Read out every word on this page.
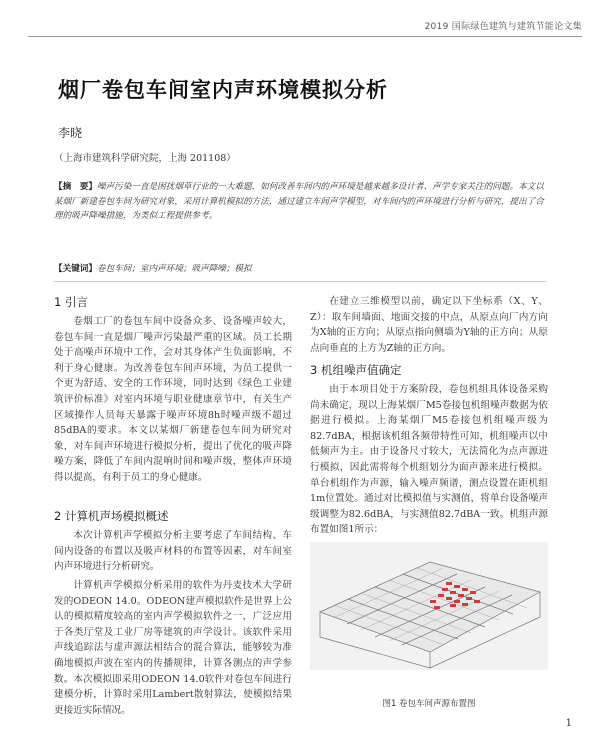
2019 国际绿色建筑与建筑节能论文集
烟厂卷包车间室内声环境模拟分析
李晓
（上海市建筑科学研究院，上海 201108）
【摘　要】噪声污染一直是困扰烟草行业的一大难题，如何改善车间内的声环境是越来越多设计者、声学专家关注的问题。本文以某烟厂新建卷包车间为研究对象，采用计算机模拟的方法，通过建立车间声学模型，对车间内的声环境进行分析与研究，提出了合理的吸声降噪措施，为类似工程提供参考。
【关键词】卷包车间；室内声环境；吸声降噪；模拟
1 引言
卷烟工厂的卷包车间中设备众多、设备噪声较大，卷包车间一直是烟厂噪声污染最严重的区域。员工长期处于高噪声环境中工作，会对其身体产生负面影响，不利于身心健康。为改善卷包车间声环境，为员工提供一个更为舒适、安全的工作环境，同时达到《绿色工业建筑评价标准》对室内环境与职业健康章节中，有关生产区域操作人员每天暴露于噪声环境8h时噪声级不超过85dBA的要求。本文以某烟厂新建卷包车间为研究对象，对车间声环境进行模拟分析，提出了优化的吸声降噪方案，降低了车间内混响时间和噪声级，整体声环境得以提高，有利于员工的身心健康。
2 计算机声场模拟概述
本次计算机声学模拟分析主要考虑了车间结构、车间内设备的布置以及吸声材料的布置等因素，对车间室内声环境进行分析研究。
计算机声学模拟分析采用的软件为丹麦技术大学研发的ODEON 14.0。ODEON建声模拟软件是世界上公认的模拟精度较高的室内声学模拟软件之一，广泛应用于各类厅堂及工业厂房等建筑的声学设计。该软件采用声线追踪法与虚声源法相结合的混合算法，能够较为准确地模拟声波在室内的传播规律，计算各测点的声学参数。本次模拟即采用ODEON 14.0软件对卷包车间进行建模分析，计算时采用Lambert散射算法，使模拟结果更接近实际情况。
在建立三维模型以前，确定以下坐标系（X、Y、Z）：取车间墙面、地面交接的中点，从原点向厂内方向为X轴的正方向；从原点指向侧墙为Y轴的正方向；从原点向垂直的上方为Z轴的正方向。
3 机组噪声值确定
由于本项目处于方案阶段，卷包机组具体设备采购尚未确定，现以上海某烟厂M5卷接包机组噪声数据为依据进行模拟。上海某烟厂M5卷接包机组噪声级为82.7dBA，根据该机组各频带特性可知，机组噪声以中低频声为主。由于设备尺寸较大，无法简化为点声源进行模拟，因此需将每个机组划分为面声源来进行模拟。单台机组作为声源，输入噪声频谱，测点设置在距机组1m位置处。通过对比模拟值与实测值，将单台设备噪声级调整为82.6dBA，与实测值82.7dBA一致。机组声源布置如图1所示：
图1 卷包车间声源布置图
1
